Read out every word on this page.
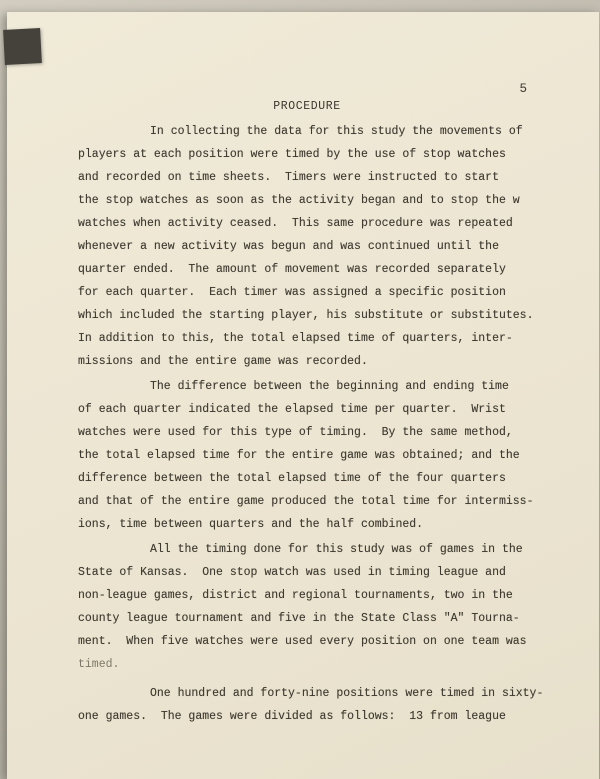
5
PROCEDURE
In collecting the data for this study the movements of
players at each position were timed by the use of stop watches
and recorded on time sheets.  Timers were instructed to start
the stop watches as soon as the activity began and to stop the w
watches when activity ceased.  This same procedure was repeated
whenever a new activity was begun and was continued until the
quarter ended.  The amount of movement was recorded separately
for each quarter.  Each timer was assigned a specific position
which included the starting player, his substitute or substitutes.
In addition to this, the total elapsed time of quarters, inter-
missions and the entire game was recorded.
The difference between the beginning and ending time
of each quarter indicated the elapsed time per quarter.  Wrist
watches were used for this type of timing.  By the same method,
the total elapsed time for the entire game was obtained; and the
difference between the total elapsed time of the four quarters
and that of the entire game produced the total time for intermiss-
ions, time between quarters and the half combined.
All the timing done for this study was of games in the
State of Kansas.  One stop watch was used in timing league and
non-league games, district and regional tournaments, two in the
county league tournament and five in the State Class "A" Tourna-
ment.  When five watches were used every position on one team was
timed.
One hundred and forty-nine positions were timed in sixty-
one games.  The games were divided as follows:  13 from league
